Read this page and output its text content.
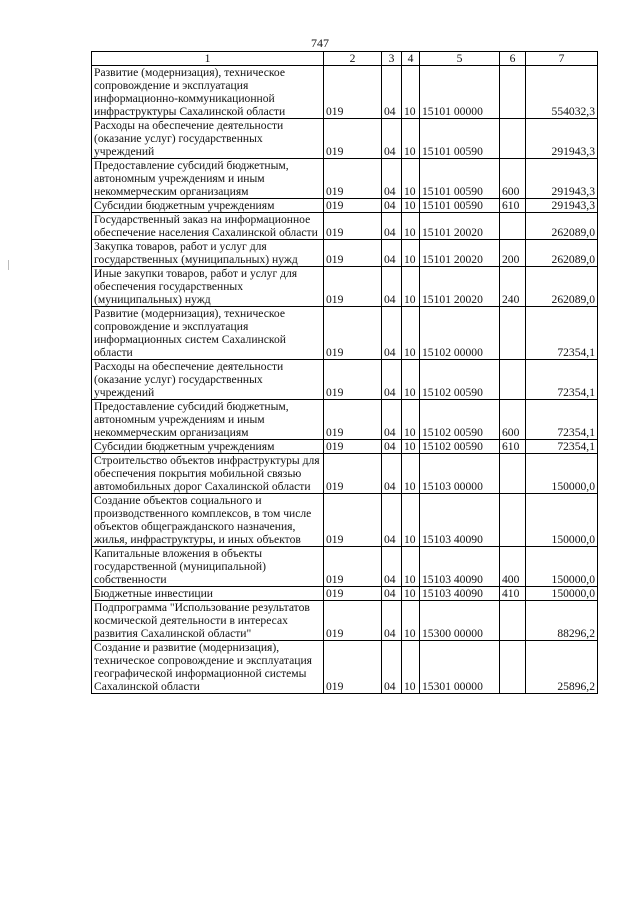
747
1	2	3	4	5	6	7
Развитие (модернизация), техническое сопровождение и эксплуатация информационно-коммуникационной инфраструктуры Сахалинской области	019	04	10	15101 00000		554032,3
Расходы на обеспечение деятельности (оказание услуг) государственных учреждений	019	04	10	15101 00590		291943,3
Предоставление субсидий бюджетным, автономным учреждениям и иным некоммерческим организациям	019	04	10	15101 00590	600	291943,3
Субсидии бюджетным учреждениям	019	04	10	15101 00590	610	291943,3
Государственный заказ на информационное обеспечение населения Сахалинской области	019	04	10	15101 20020		262089,0
Закупка товаров, работ и услуг для государственных (муниципальных) нужд	019	04	10	15101 20020	200	262089,0
Иные закупки товаров, работ и услуг для обеспечения государственных (муниципальных) нужд	019	04	10	15101 20020	240	262089,0
Развитие (модернизация), техническое сопровождение и эксплуатация информационных систем Сахалинской области	019	04	10	15102 00000		72354,1
Расходы на обеспечение деятельности (оказание услуг) государственных учреждений	019	04	10	15102 00590		72354,1
Предоставление субсидий бюджетным, автономным учреждениям и иным некоммерческим организациям	019	04	10	15102 00590	600	72354,1
Субсидии бюджетным учреждениям	019	04	10	15102 00590	610	72354,1
Строительство объектов инфраструктуры для обеспечения покрытия мобильной связью автомобильных дорог Сахалинской области	019	04	10	15103 00000		150000,0
Создание объектов социального и производственного комплексов, в том числе объектов общегражданского назначения, жилья, инфраструктуры, и иных объектов	019	04	10	15103 40090		150000,0
Капитальные вложения в объекты государственной (муниципальной) собственности	019	04	10	15103 40090	400	150000,0
Бюджетные инвестиции	019	04	10	15103 40090	410	150000,0
Подпрограмма "Использование результатов космической деятельности в интересах развития Сахалинской области"	019	04	10	15300 00000		88296,2
Создание и развитие (модернизация), техническое сопровождение и эксплуатация географической информационной системы Сахалинской области	019	04	10	15301 00000		25896,2
